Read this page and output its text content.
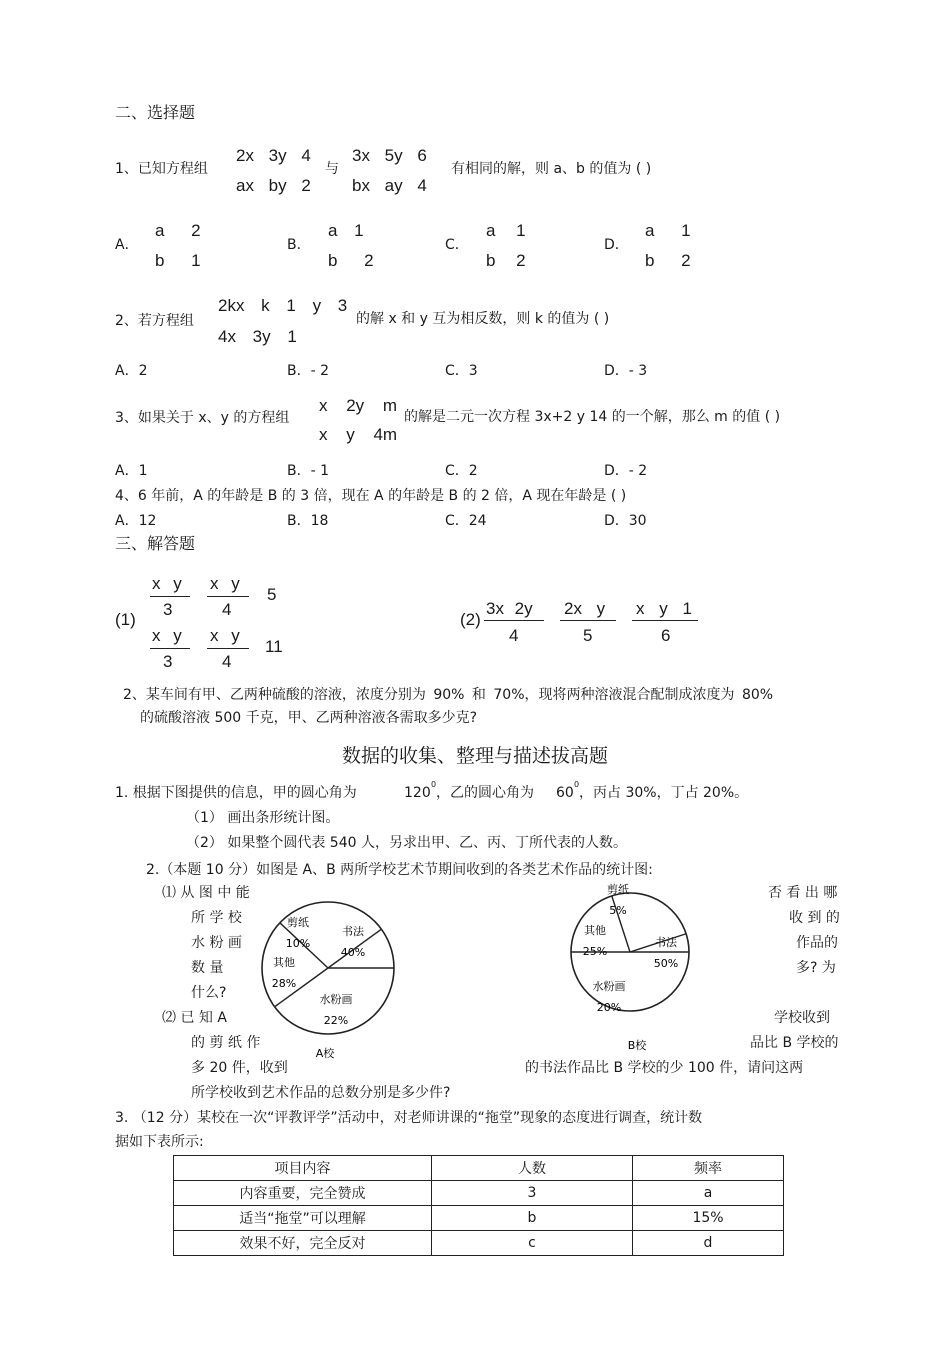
二、选择题
1、已知方程组
2x 3y 4
ax by 2
与
3x 5y 6
bx ay 4
有相同的解，则 a、b 的值为 ( )
A．
a 2
b 1
B．
a 1
b 2
C．
a 1
b 2
D．
a 1
b 2
2、若方程组
2kx k 1 y 3
4x 3y 1
的解 x 和 y 互为相反数，则 k 的值为 ( )
A．2	B．- 2	C．3	D．- 3
3、如果关于 x、y 的方程组
x 2y m
x y 4m
的解是二元一次方程 3x+2 y 14 的一个解，那么 m 的值 ( )
A．1	B．- 1	C．2	D．- 2
4、6 年前，A 的年龄是 B 的 3 倍，现在 A 的年龄是 B 的 2 倍，A 现在年龄是 ( )
A．12	B．18	C．24	D．30
三、解答题
(1)
x y
3
x y
4
5
x y
3
x y
4
11
(2)
3x 2y
4
2x y
5
x y 1
6
2、某车间有甲、乙两种硫酸的溶液，浓度分别为 90% 和 70%，现将两种溶液混合配制成浓度为 80%
的硫酸溶液 500 千克，甲、乙两种溶液各需取多少克?
数据的收集、整理与描述拔高题
1. 根据下图提供的信息，甲的圆心角为	120
0
，乙的圆心角为 60
0
，丙占 30%，丁占 20%。
（1） 画出条形统计图。
（2） 如果整个圆代表 540 人，另求出甲、乙、丙、丁所代表的人数。
2.（本题 10 分）如图是 A、B 两所学校艺术节期间收到的各类艺术作品的统计图:
⑴ 从 图 中 能
所 学 校
水 粉 画
数 量
什么?
⑵ 已 知 A
的 剪 纸 作
多 20 件，收到
否 看 出 哪
收 到 的
作品的
多? 为
学校收到
品比 B 学校的
的书法作品比 B 学校的少 100 件，请问这两
所学校收到艺术作品的总数分别是多少件?
书法
40%
水粉画
22%
其他
28%
剪纸
10%	书法
50%
水粉画
20%
其他
25%
剪纸
5%
A校
B校
3. （12 分）某校在一次“评教评学”活动中，对老师讲课的“拖堂”现象的态度进行调查，统计数
据如下表所示:
项目内容	人数	频率
内容重要，完全赞成	3	a
适当“拖堂”可以理解	b	15%
效果不好，完全反对	c	d
